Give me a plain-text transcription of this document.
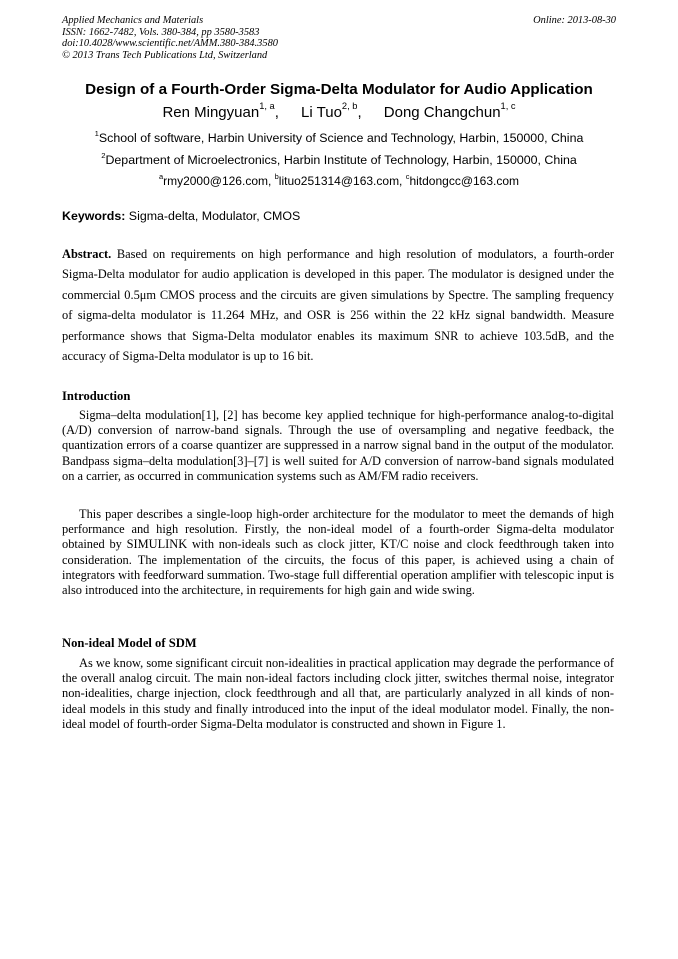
Applied Mechanics and Materials
ISSN: 1662-7482, Vols. 380-384, pp 3580-3583
doi:10.4028/www.scientific.net/AMM.380-384.3580
© 2013 Trans Tech Publications Ltd, Switzerland
Online: 2013-08-30
Design of a Fourth-Order Sigma-Delta Modulator for Audio Application
Ren Mingyuan$^{1, a}$, Li Tuo$^{2, b}$, Dong Changchun$^{1, c}$
$^1$School of software, Harbin University of Science and Technology, Harbin, 150000, China
$^2$Department of Microelectronics, Harbin Institute of Technology, Harbin, 150000, China
$^a$rmy2000@126.com, $^b$lituo251314@163.com, $^c$hitdongcc@163.com
Keywords: Sigma-delta, Modulator, CMOS
Abstract. Based on requirements on high performance and high resolution of modulators, a fourth-order Sigma-Delta modulator for audio application is developed in this paper. The modulator is designed under the commercial 0.5μm CMOS process and the circuits are given simulations by Spectre. The sampling frequency of sigma-delta modulator is 11.264 MHz, and OSR is 256 within the 22 kHz signal bandwidth. Measure performance shows that Sigma-Delta modulator enables its maximum SNR to achieve 103.5dB, and the accuracy of Sigma-Delta modulator is up to 16 bit.
Introduction

Sigma–delta modulation[1], [2] has become key applied technique for high-performance analog-to-digital (A/D) conversion of narrow-band signals. Through the use of oversampling and negative feedback, the quantization errors of a coarse quantizer are suppressed in a narrow signal band in the output of the modulator. Bandpass sigma–delta modulation[3]–[7] is well suited for A/D conversion of narrow-band signals modulated on a carrier, as occurred in communication systems such as AM/FM radio receivers.

This paper describes a single-loop high-order architecture for the modulator to meet the demands of high performance and high resolution. Firstly, the non-ideal model of a fourth-order Sigma-delta modulator obtained by SIMULINK with non-ideals such as clock jitter, KT/C noise and clock feedthrough taken into consideration. The implementation of the circuits, the focus of this paper, is achieved using a chain of integrators with feedforward summation. Two-stage full differential operation amplifier with telescopic input is also introduced into the architecture, in requirements for high gain and wide swing.

Non-ideal Model of SDM

As we know, some significant circuit non-idealities in practical application may degrade the performance of the overall analog circuit. The main non-ideal factors including clock jitter, switches thermal noise, integrator non-idealities, charge injection, clock feedthrough and all that, are particularly analyzed in all kinds of non-ideal models in this study and finally introduced into the input of the ideal modulator model. Finally, the non-ideal model of fourth-order Sigma-Delta modulator is constructed and shown in Figure 1.
